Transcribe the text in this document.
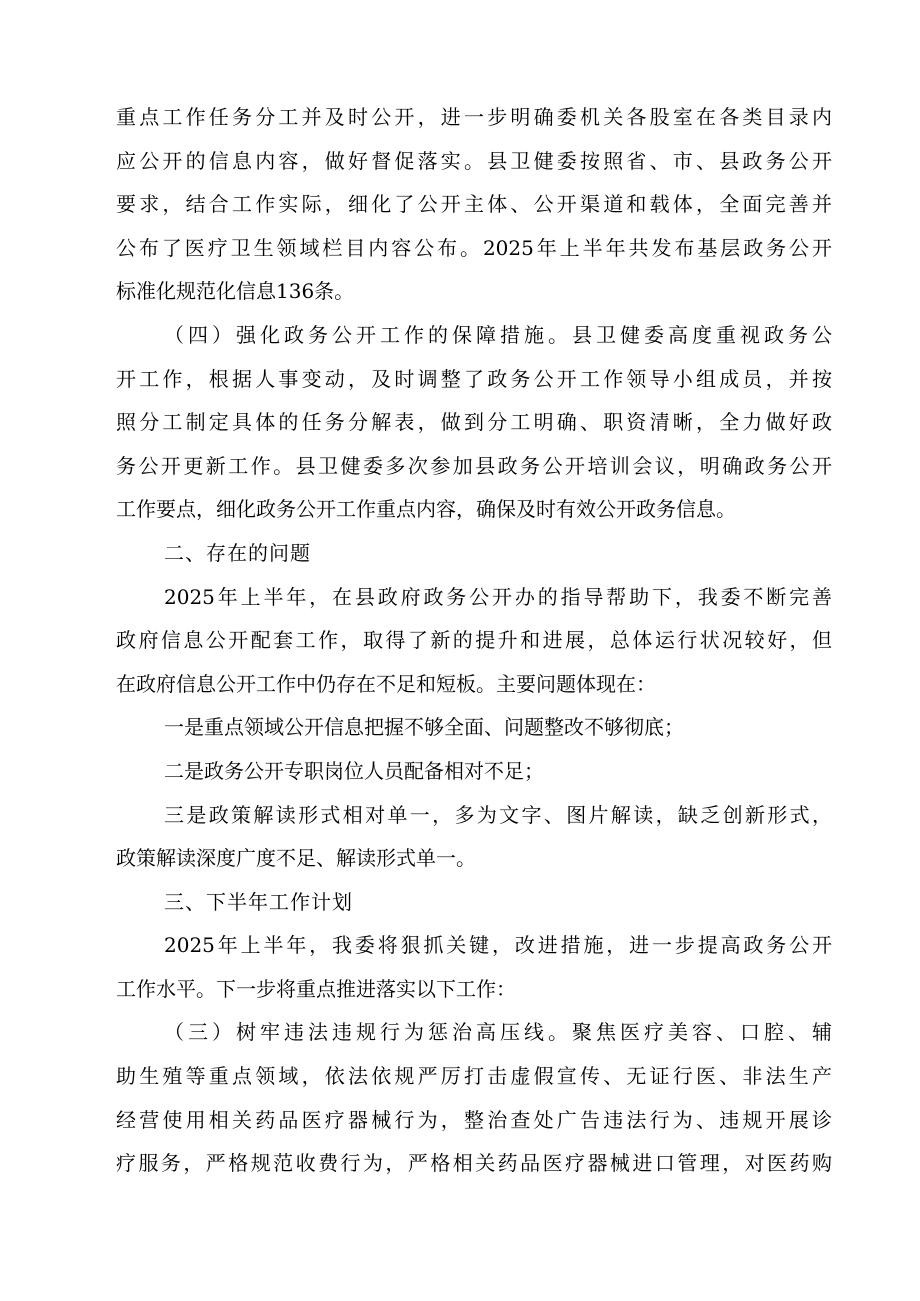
重点工作任务分工并及时公开，进一步明确委机关各股室在各类目录内
应公开的信息内容，做好督促落实。县卫健委按照省、市、县政务公开
要求，结合工作实际，细化了公开主体、公开渠道和载体，全面完善并
公布了医疗卫生领域栏目内容公布。2025年上半年共发布基层政务公开
标准化规范化信息136条。
（四）强化政务公开工作的保障措施。县卫健委高度重视政务公
开工作，根据人事变动，及时调整了政务公开工作领导小组成员，并按
照分工制定具体的任务分解表，做到分工明确、职资清晰，全力做好政
务公开更新工作。县卫健委多次参加县政务公开培训会议，明确政务公开
工作要点，细化政务公开工作重点内容，确保及时有效公开政务信息。
二、存在的问题
2025年上半年，在县政府政务公开办的指导帮助下，我委不断完善
政府信息公开配套工作，取得了新的提升和进展，总体运行状况较好，但
在政府信息公开工作中仍存在不足和短板。主要问题体现在：
一是重点领域公开信息把握不够全面、问题整改不够彻底；
二是政务公开专职岗位人员配备相对不足；
三是政策解读形式相对单一，多为文字、图片解读，缺乏创新形式，
政策解读深度广度不足、解读形式单一。
三、下半年工作计划
2025年上半年，我委将狠抓关键，改进措施，进一步提高政务公开
工作水平。下一步将重点推进落实以下工作：
（三）树牢违法违规行为惩治高压线。聚焦医疗美容、口腔、辅
助生殖等重点领域，依法依规严厉打击虚假宣传、无证行医、非法生产
经营使用相关药品医疗器械行为，整治查处广告违法行为、违规开展诊
疗服务，严格规范收费行为，严格相关药品医疗器械进口管理，对医药购
